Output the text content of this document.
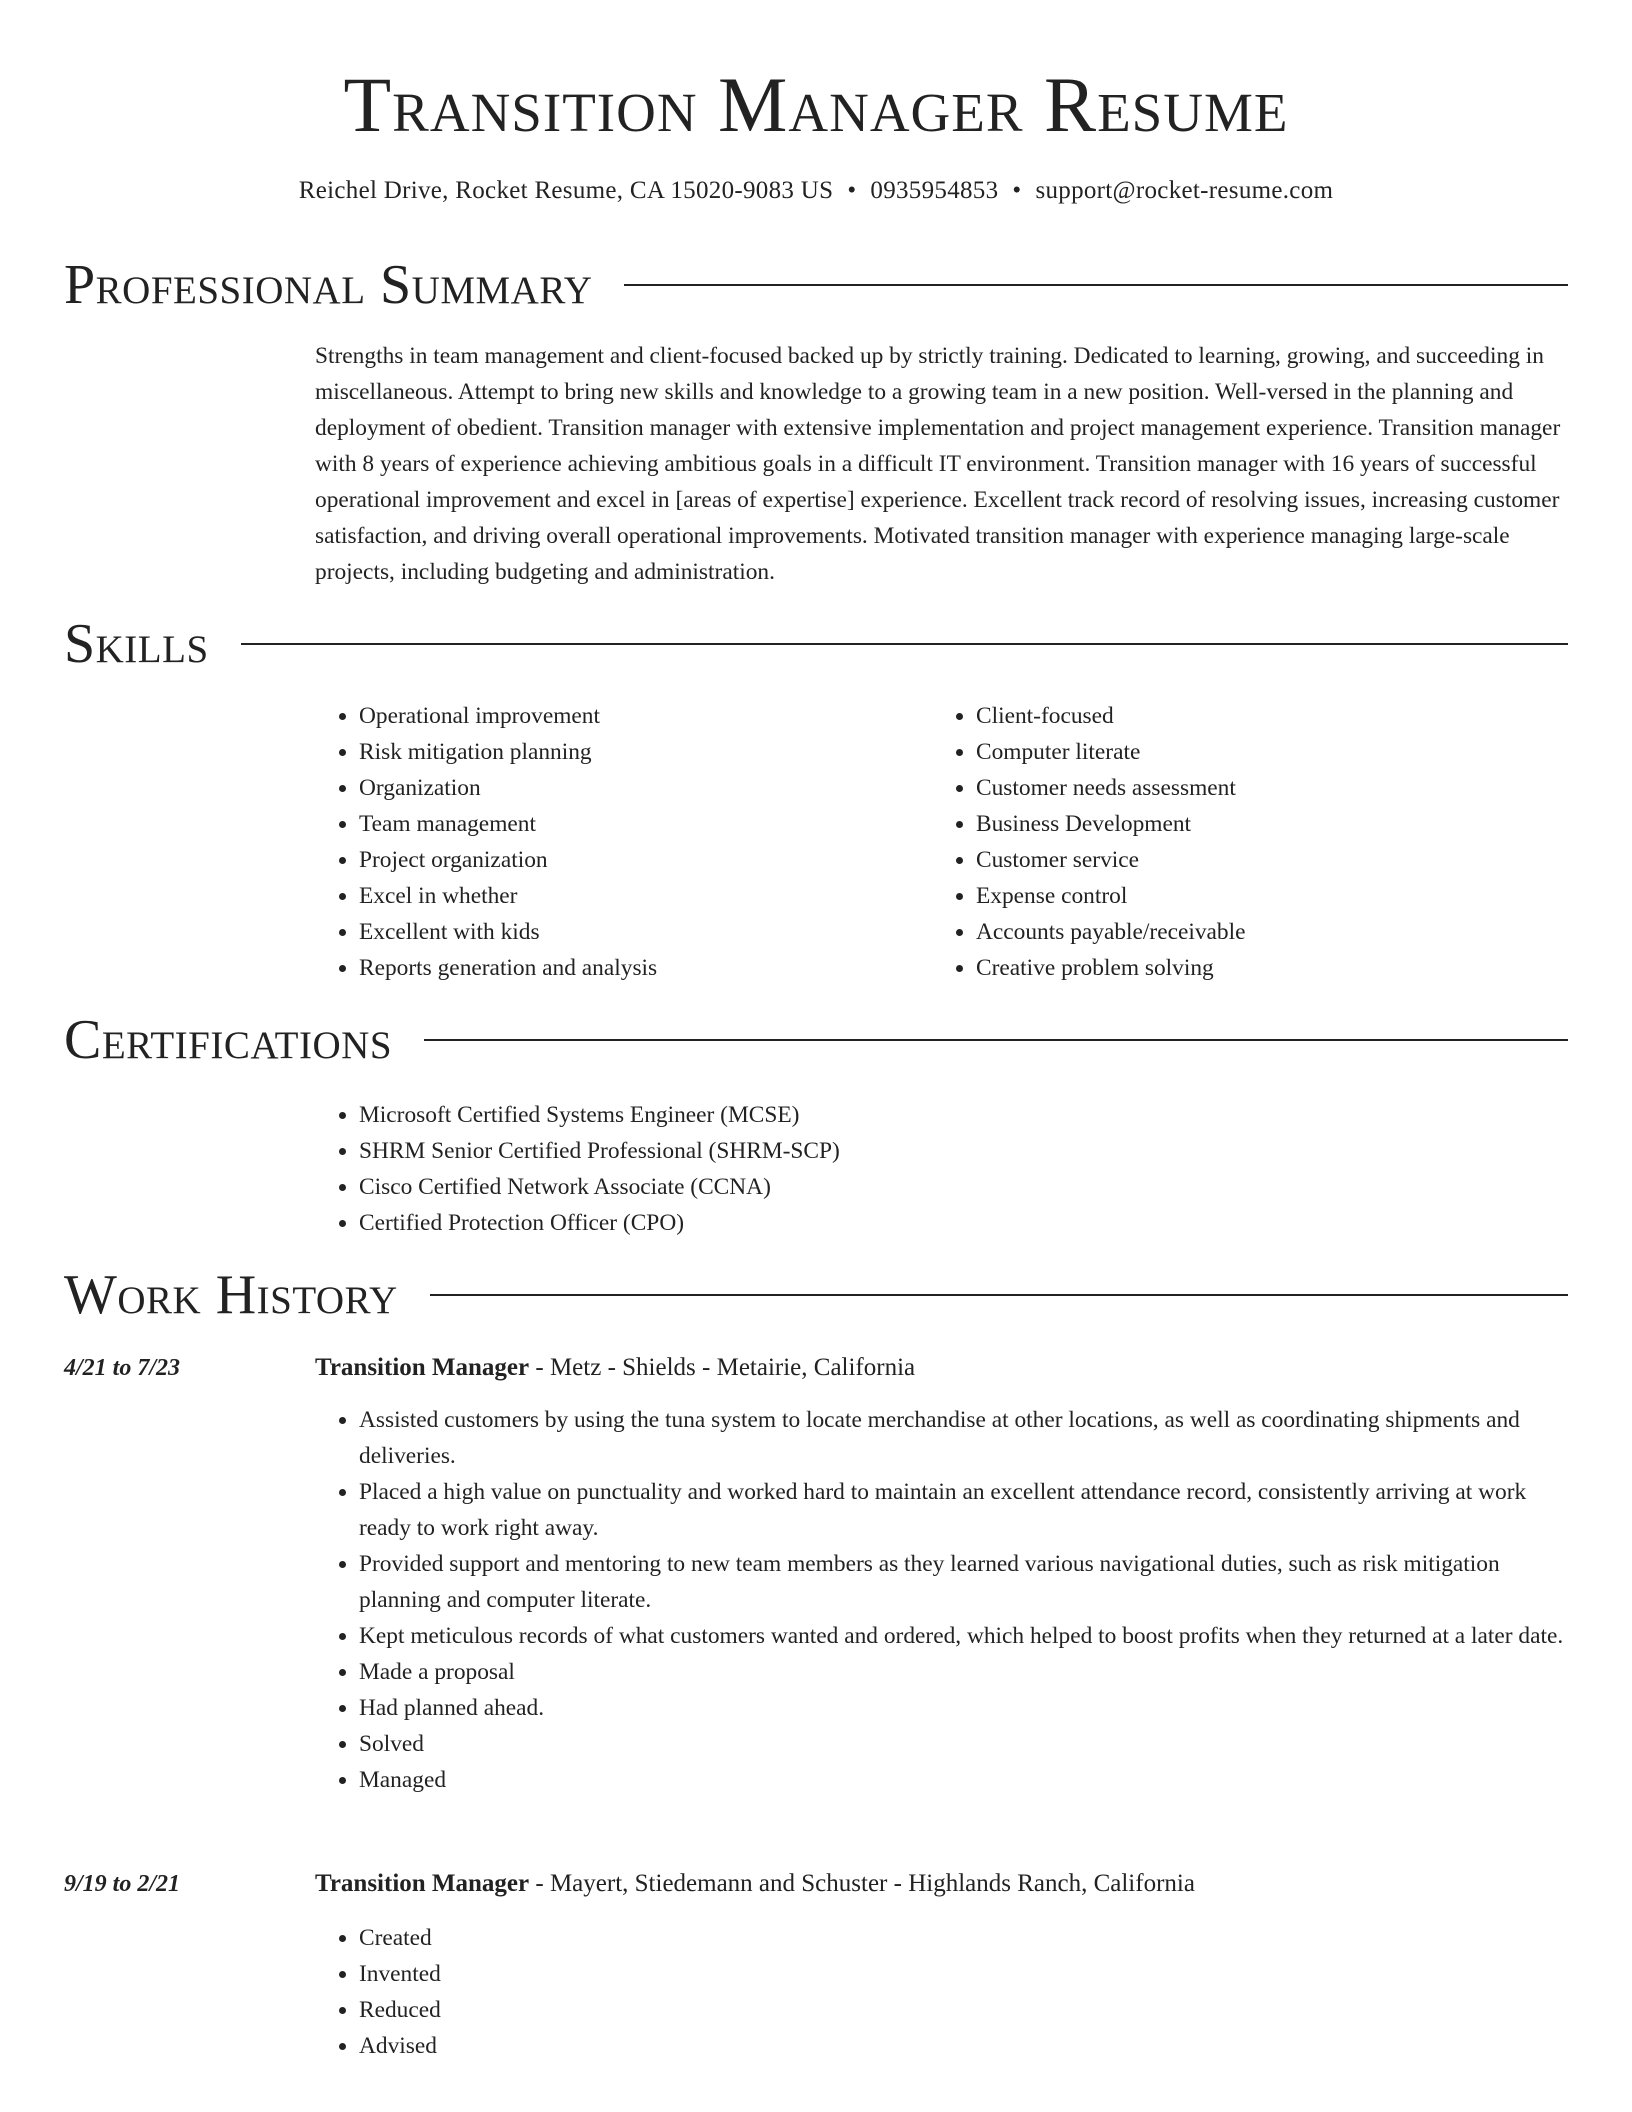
Transition Manager Resume
Reichel Drive, Rocket Resume, CA 15020-9083 US • 0935954853 • support@rocket-resume.com
Professional Summary

Strengths in team management and client-focused backed up by strictly training. Dedicated to learning, growing, and succeeding in miscellaneous. Attempt to bring new skills and knowledge to a growing team in a new position. Well-versed in the planning and deployment of obedient. Transition manager with extensive implementation and project management experience. Transition manager with 8 years of experience achieving ambitious goals in a difficult IT environment. Transition manager with 16 years of successful operational improvement and excel in [areas of expertise] experience. Excellent track record of resolving issues, increasing customer satisfaction, and driving overall operational improvements. Motivated transition manager with experience managing large-scale projects, including budgeting and administration.

Skills
• Operational improvement
• Risk mitigation planning
• Organization
• Team management
• Project organization
• Excel in whether
• Excellent with kids
• Reports generation and analysis
• Client-focused
• Computer literate
• Customer needs assessment
• Business Development
• Customer service
• Expense control
• Accounts payable/receivable
• Creative problem solving
Certifications
• Microsoft Certified Systems Engineer (MCSE)
• SHRM Senior Certified Professional (SHRM-SCP)
• Cisco Certified Network Associate (CCNA)
• Certified Protection Officer (CPO)
Work History
4/21 to 7/23	Transition Manager - Metz - Shields - Metairie, California
• Assisted customers by using the tuna system to locate merchandise at other locations, as well as coordinating shipments and deliveries.
• Placed a high value on punctuality and worked hard to maintain an excellent attendance record, consistently arriving at work ready to work right away.
• Provided support and mentoring to new team members as they learned various navigational duties, such as risk mitigation planning and computer literate.
• Kept meticulous records of what customers wanted and ordered, which helped to boost profits when they returned at a later date.
• Made a proposal
• Had planned ahead.
• Solved
• Managed
9/19 to 2/21	Transition Manager - Mayert, Stiedemann and Schuster - Highlands Ranch, California
• Created
• Invented
• Reduced
• Advised
